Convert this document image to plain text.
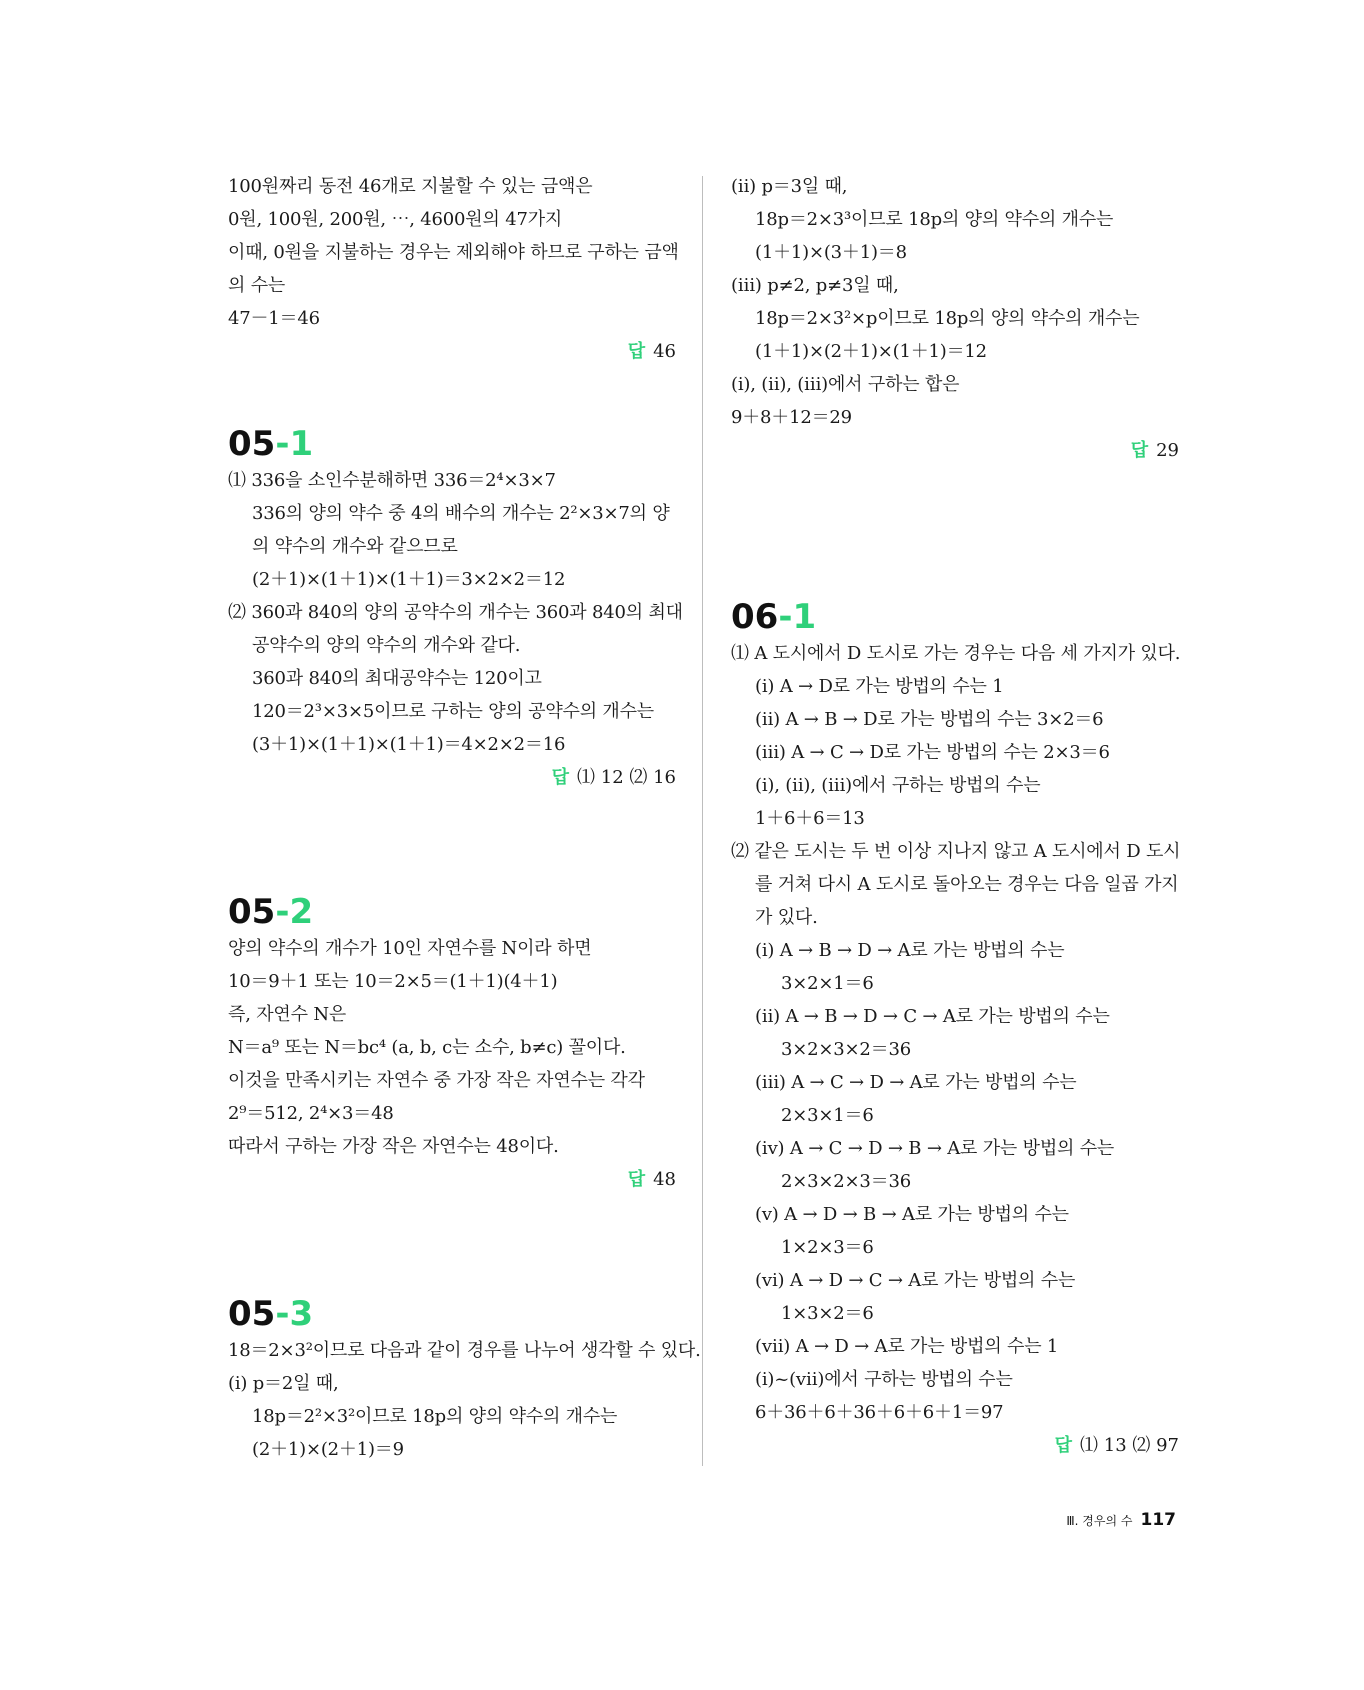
100원짜리 동전 46개로 지불할 수 있는 금액은
0원, 100원, 200원, ⋯, 4600원의 47가지
이때, 0원을 지불하는 경우는 제외해야 하므로 구하는 금액
의 수는
47－1＝46
답 46
05-1
⑴ 336을 소인수분해하면 336＝2⁴×3×7
336의 양의 약수 중 4의 배수의 개수는 2²×3×7의 양
의 약수의 개수와 같으므로
(2＋1)×(1＋1)×(1＋1)＝3×2×2＝12
⑵ 360과 840의 양의 공약수의 개수는 360과 840의 최대
공약수의 양의 약수의 개수와 같다.
360과 840의 최대공약수는 120이고
120＝2³×3×5이므로 구하는 양의 공약수의 개수는
(3＋1)×(1＋1)×(1＋1)＝4×2×2＝16
답 ⑴ 12 ⑵ 16
05-2
양의 약수의 개수가 10인 자연수를 N이라 하면
10＝9＋1 또는 10＝2×5＝(1＋1)(4＋1)
즉, 자연수 N은
N＝a⁹ 또는 N＝bc⁴ (a, b, c는 소수, b≠c) 꼴이다.
이것을 만족시키는 자연수 중 가장 작은 자연수는 각각
2⁹＝512, 2⁴×3＝48
따라서 구하는 가장 작은 자연수는 48이다.
답 48
05-3
18＝2×3²이므로 다음과 같이 경우를 나누어 생각할 수 있다.
(ⅰ) p＝2일 때,
18p＝2²×3²이므로 18p의 양의 약수의 개수는
(2＋1)×(2＋1)＝9
(ⅱ) p＝3일 때,
18p＝2×3³이므로 18p의 양의 약수의 개수는
(1＋1)×(3＋1)＝8
(ⅲ) p≠2, p≠3일 때,
18p＝2×3²×p이므로 18p의 양의 약수의 개수는
(1＋1)×(2＋1)×(1＋1)＝12
(ⅰ), (ⅱ), (ⅲ)에서 구하는 합은
9＋8＋12＝29
답 29
06-1
⑴ A 도시에서 D 도시로 가는 경우는 다음 세 가지가 있다.
(ⅰ) A → D로 가는 방법의 수는 1
(ⅱ) A → B → D로 가는 방법의 수는 3×2＝6
(ⅲ) A → C → D로 가는 방법의 수는 2×3＝6
(ⅰ), (ⅱ), (ⅲ)에서 구하는 방법의 수는
1＋6＋6＝13
⑵ 같은 도시는 두 번 이상 지나지 않고 A 도시에서 D 도시
를 거쳐 다시 A 도시로 돌아오는 경우는 다음 일곱 가지
가 있다.
(ⅰ) A → B → D → A로 가는 방법의 수는
3×2×1＝6
(ⅱ) A → B → D → C → A로 가는 방법의 수는
3×2×3×2＝36
(ⅲ) A → C → D → A로 가는 방법의 수는
2×3×1＝6
(ⅳ) A → C → D → B → A로 가는 방법의 수는
2×3×2×3＝36
(ⅴ) A → D → B → A로 가는 방법의 수는
1×2×3＝6
(ⅵ) A → D → C → A로 가는 방법의 수는
1×3×2＝6
(ⅶ) A → D → A로 가는 방법의 수는 1
(ⅰ)~(ⅶ)에서 구하는 방법의 수는
6＋36＋6＋36＋6＋6＋1＝97
답 ⑴ 13 ⑵ 97
Ⅲ. 경우의 수 117
